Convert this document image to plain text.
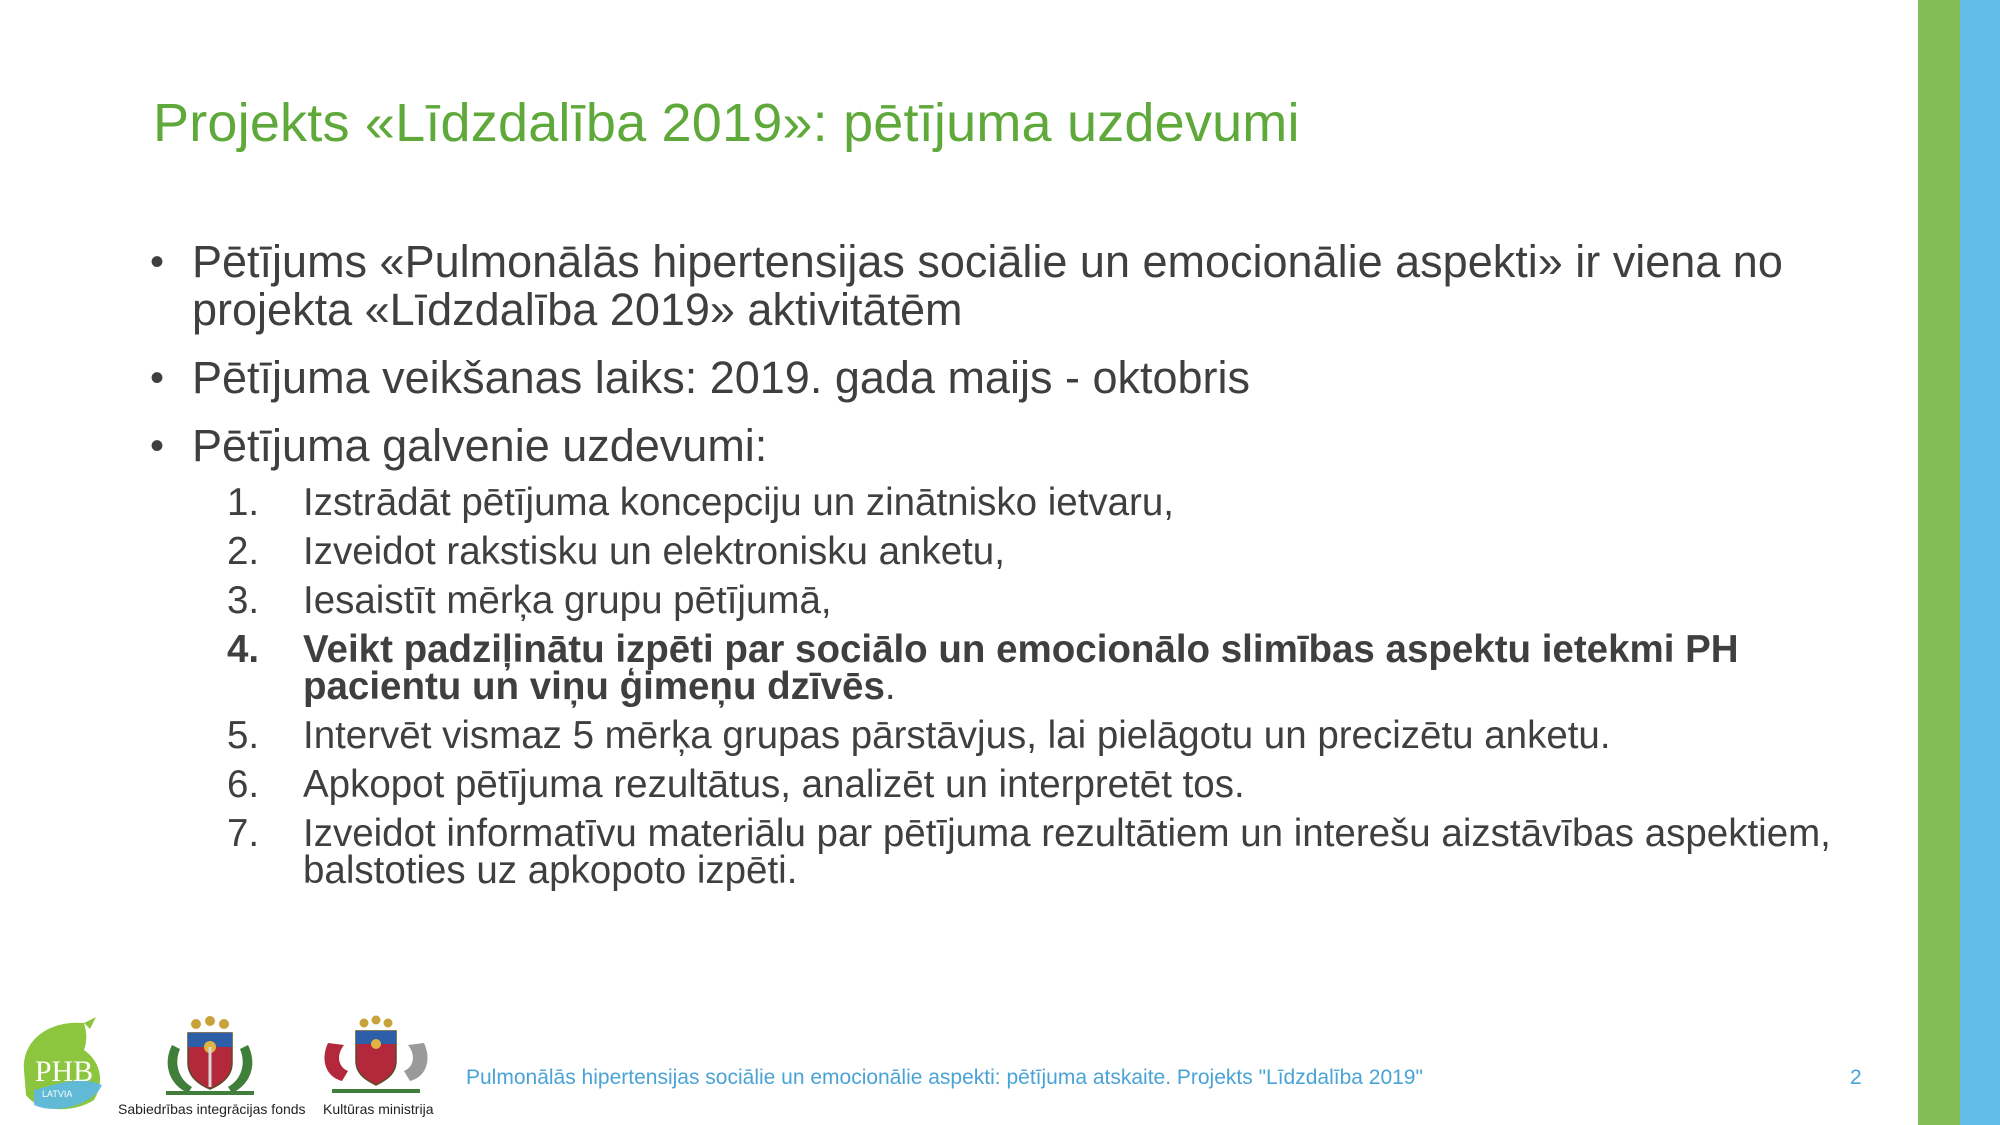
Projekts «Līdzdalība 2019»: pētījuma uzdevumi
• Pētījums «Pulmonālās hipertensijas sociālie un emocionālie aspekti» ir viena no projekta «Līdzdalība 2019» aktivitātēm
• Pētījuma veikšanas laiks: 2019. gada maijs - oktobris
• Pētījuma galvenie uzdevumi:
1. Izstrādāt pētījuma koncepciju un zinātnisko ietvaru,
2. Izveidot rakstisku un elektronisku anketu,
3. Iesaistīt mērķa grupu pētījumā,
4. Veikt padziļinātu izpēti par sociālo un emocionālo slimības aspektu ietekmi PH pacientu un viņu ģimeņu dzīvēs.
5. Intervēt vismaz 5 mērķa grupas pārstāvjus, lai pielāgotu un precizētu anketu.
6. Apkopot pētījuma rezultātus, analizēt un interpretēt tos.
7. Izveidot informatīvu materiālu par pētījuma rezultātiem un interešu aizstāvības aspektiem, balstoties uz apkopoto izpēti.
PHB
LATVIA
Sabiedrības integrācijas fonds Kultūras ministrija
Pulmonālās hipertensijas sociālie un emocionālie aspekti: pētījuma atskaite. Projekts "Līdzdalība 2019"	2
